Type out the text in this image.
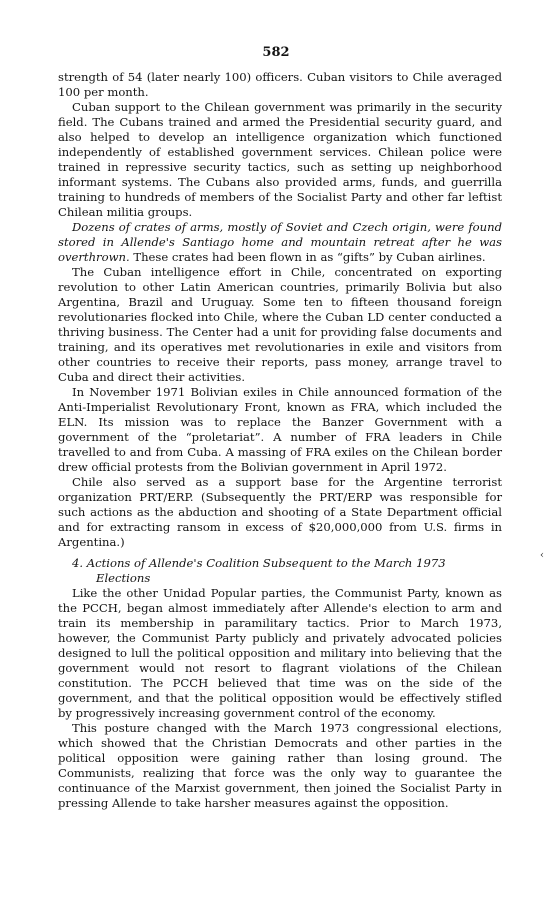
582

strength of 54 (later nearly 100) officers. Cuban visitors to Chile averaged 100 per month.

Cuban support to the Chilean government was primarily in the security field. The Cubans trained and armed the Presidential security guard, and also helped to develop an intelligence organization which functioned independently of established government services. Chilean police were trained in repressive security tactics, such as setting up neighborhood informant systems. The Cubans also provided arms, funds, and guerrilla training to hundreds of members of the Socialist Party and other far leftist Chilean militia groups.

Dozens of crates of arms, mostly of Soviet and Czech origin, were found stored in Allende's Santiago home and mountain retreat after he was overthrown. These crates had been flown in as “gifts” by Cuban airlines.

The Cuban intelligence effort in Chile, concentrated on exporting revolution to other Latin American countries, primarily Bolivia but also Argentina, Brazil and Uruguay. Some ten to fifteen thousand foreign revolutionaries flocked into Chile, where the Cuban LD center conducted a thriving business. The Center had a unit for providing false documents and training, and its operatives met revolutionaries in exile and visitors from other countries to receive their reports, pass money, arrange travel to Cuba and direct their activities.

In November 1971 Bolivian exiles in Chile announced formation of the Anti-Imperialist Revolutionary Front, known as FRA, which included the ELN. Its mission was to replace the Banzer Government with a government of the “proletariat”. A number of FRA leaders in Chile travelled to and from Cuba. A massing of FRA exiles on the Chilean border drew official protests from the Bolivian government in April 1972.

Chile also served as a support base for the Argentine terrorist organization PRT/ERP. (Subsequently the PRT/ERP was responsible for such actions as the abduction and shooting of a State Department official and for extracting ransom in excess of $20,000,000 from U.S. firms in Argentina.)

4. Actions of Allende's Coalition Subsequent to the March 1973
Elections

Like the other Unidad Popular parties, the Communist Party, known as the PCCH, began almost immediately after Allende's election to arm and train its membership in paramilitary tactics. Prior to March 1973, however, the Communist Party publicly and privately advocated policies designed to lull the political opposition and military into believing that the government would not resort to flagrant violations of the Chilean constitution. The PCCH believed that time was on the side of the government, and that the political opposition would be effectively stifled by progressively increasing government control of the economy.

This posture changed with the March 1973 congressional elections, which showed that the Christian Democrats and other parties in the political opposition were gaining rather than losing ground. The Communists, realizing that force was the only way to guarantee the continuance of the Marxist government, then joined the Socialist Party in pressing Allende to take harsher measures against the opposition.

‹
